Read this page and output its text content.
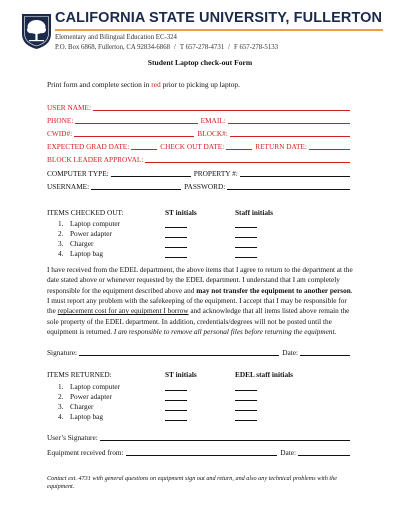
CALIFORNIA STATE UNIVERSITY, FULLERTON
Elementary and Bilingual Education EC-324
P.O. Box 6868, Fullerton, CA 92834-6868 / T 657-278-4731 / F 657-278-5133
Student Laptop check-out Form
Print form and complete section in red prior to picking up laptop.
USER NAME:
PHONE:	EMAIL:
CWID#:	BLOCK#:
EXPECTED GRAD DATE:	CHECK OUT DATE:	RETURN DATE:
BLOCK LEADER APPROVAL:
COMPUTER TYPE:	PROPERTY #:
USERNAME:	PASSWORD:
ITEMS CHECKED OUT:	ST initials	Staff initials
1. Laptop computer
2. Power adapter
3. Charger
4. Laptop bag
I have received from the EDEL department, the above items that I agree to return to the department at the date stated above or whenever requested by the EDEL department. I understand that I am completely responsible for the equipment described above and may not transfer the equipment to another person. I must report any problem with the safekeeping of the equipment. I accept that I may be responsible for the replacement cost for any equipment I borrow and acknowledge that all items listed above remain the sole property of the EDEL department. In addition, credentials/degrees will not be posted until the equipment is returned. I am responsible to remove all personal files before returning the equipment.
Signature:	Date:
ITEMS RETURNED:	ST initials	EDEL staff initials
1. Laptop computer
2. Power adapter
3. Charger
4. Laptop bag
User’s Signature:
Equipment received from:	Date:
Contact ext. 4731 with general questions on equipment sign out and return, and also any technical problems with the equipment.
